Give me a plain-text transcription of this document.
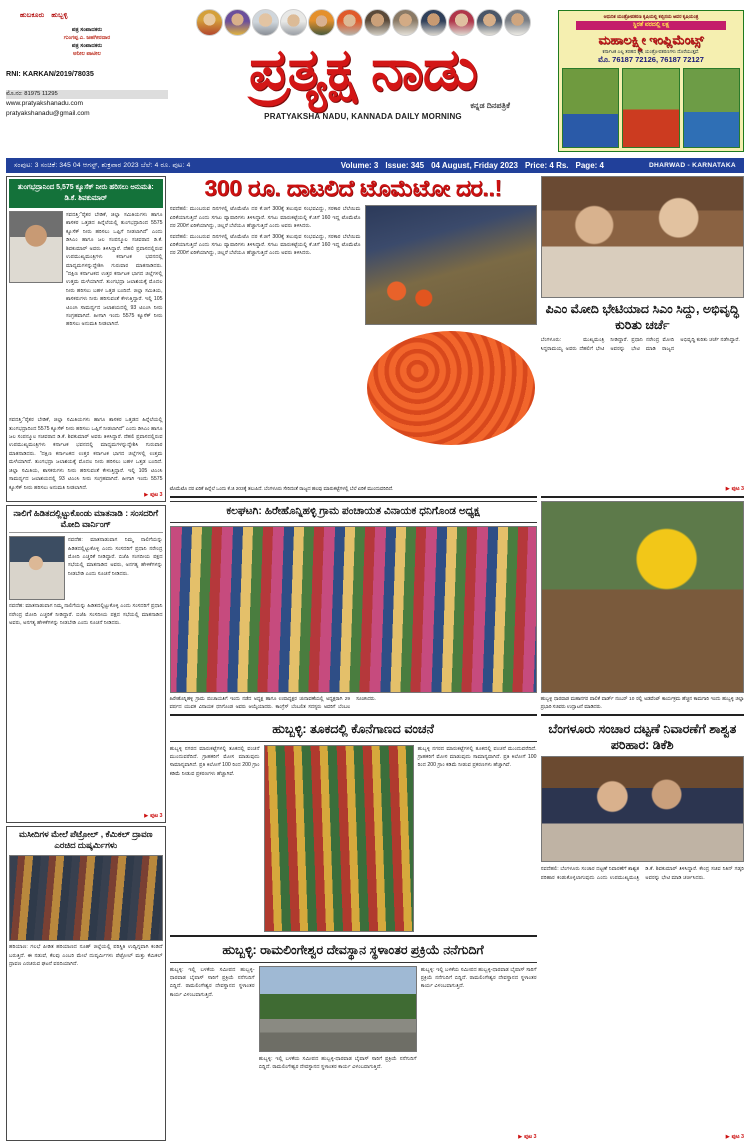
ಹುಬಕೂರು ಹುಬ್ಬಳ್ಳಿ
ಪತ್ರ ಸಂಪಾದಕರು
ಗುಂಗಪ್ಪ ಎ. ಜಹಗೀರದಾರ
ಪತ್ರ ಸಂಪಾದಕರು
ಅನೀಲ ಪಾಟೀಲ
RNI: KARKAN/2019/78035
ಮೊ.ನಂ: 81975 11295
www.pratyakshanadu.com
pratyakshanadu@gmail.com
ಪ್ರತ್ಯಕ್ಷ ನಾಡು
ಕನ್ನಡ ದಿನಪತ್ರಿಕೆ
PRATYAKSHA NADU, KANNADA DAILY MORNING
ಆಧುನಿಕ ಯಂತ್ರೋಪಕರಣ ಕೃಷಿಯಲ್ಲಿ ಕಬ್ಬಿನಯ ಅವರ ಕೃಷಿಯಂತ್ರ
ಸ್ಥಿರತೆ ವರದಲ್ಲಿ ಲಕ್ಷ
ಮಹಾಲಕ್ಷ್ಮೀ ಇಂಪ್ಲಿಮೆಂಟ್ಸ್
ಕರ್ನಾಟಕ ಎಲ್ಲ ತರಹದ ಕೃಷಿ ಯಂತ್ರೋಪಕರಣಗಳು ದೊರೆಯುತ್ತವೆ.
ಮೊ. 76187 72126, 76187 72127
ಸಂಪುಟ: 3 ಸಂಚಿಕೆ: 345 04 ಆಗಸ್ಟ್, ಶುಕ್ರವಾರ 2023 ಬೆಲೆ: 4 ರೂ. ಪುಟ: 4	Volume: 3 Issue: 345 04 August, Friday 2023 Price: 4 Rs. Page: 4	DHARWAD - KARNATAKA
ತುಂಗಭದ್ರಾನಿಂದ 5,575 ಕ್ಯೂಸೆಕ್ ನೀರು ಹರಿಸಲು ಅನುಮತಿ: ಡಿ.ಕೆ. ಶಿವಕುಮಾರ್
ಸವದತ್ತಿ:"ರೈತರ ಬೇಡಿಕೆ, ಜಿಲ್ಲಾ ಸಮಿತಿಯಗಳು ಹಾಗೂ ಶಾಸಕರ ಒತ್ತಡದ ಹಿನ್ನೆಲೆಯಲ್ಲಿ ತುಂಗಭದ್ರಾದಿಂದ 5575 ಕ್ಯೂಸೆಕ್ ನೀರು ಹರಿಸಲು ಒಪ್ಪಿಗೆ ನೀಡಲಾಗಿದೆ" ಎಂದು ಡಿಸಿಎಂ ಹಾಗೂ ಜಲ ಸಂಪನ್ಮೂಲ ಸಚಿವರಾದ ಡಿ.ಕೆ. ಶಿವಕುಮಾರ್ ಅವರು ತಿಳಿಸಿದ್ದಾರೆ. ದೆಹಲಿ ಪ್ರವಾಸದಲ್ಲಿರುವ ಉಪಮುಖ್ಯಮಂತ್ರಿಗಳು ಕರ್ನಾಟಕ ಭವನದಲ್ಲಿ ಮಾಧ್ಯಮಗಳನ್ನುದ್ದೇಶಿಸಿ ಗುರುವಾರ ಮಾತನಾಡಿದರು. "ದಕ್ಷಿಣ ಕರ್ನಾಟಕದ ಉತ್ತರ ಕರ್ನಾಟಕ ಭಾಗದ ಜಿಲ್ಲೆಗಳಲ್ಲಿ ಉತ್ತಮ ಮಳೆಯಾಗಿದೆ. ತುಂಗಭದ್ರಾ ಜಲಾಶಯಕ್ಕೆ ಮೊದಲ ನೀರು ಹರಿಸಲು ಬಹಳ ಒತ್ತಡ ಬಂದಿದೆ. ಜಿಲ್ಲಾ ಸಮಿತಿಯ, ಶಾಸಕರುಗಳು ನೀರು ಹರಿಸುವಂತೆ ಕೇಳುತ್ತಿದ್ದಾರೆ. ಇಲ್ಲಿ 105 ಟಿಎಂಸಿ ಸಾಮರ್ಥ್ಯದ ಜಲಾಶಯದಲ್ಲಿ 93 ಟಿಎಂಸಿ ನೀರು ಸಂಗ್ರಹವಾಗಿದೆ. ಹೀಗಾಗಿ ಇಂದು 5575 ಕ್ಯೂಸೆಕ್ ನೀರು ಹರಿಸಲು ಅನುಮತಿ ನೀಡಲಾಗಿದೆ.
ಸವದತ್ತಿ:"ರೈತರ ಬೇಡಿಕೆ, ಜಿಲ್ಲಾ ಸಮಿತಿಯಗಳು ಹಾಗೂ ಶಾಸಕರ ಒತ್ತಡದ ಹಿನ್ನೆಲೆಯಲ್ಲಿ ತುಂಗಭದ್ರಾದಿಂದ 5575 ಕ್ಯೂಸೆಕ್ ನೀರು ಹರಿಸಲು ಒಪ್ಪಿಗೆ ನೀಡಲಾಗಿದೆ" ಎಂದು ಡಿಸಿಎಂ ಹಾಗೂ ಜಲ ಸಂಪನ್ಮೂಲ ಸಚಿವರಾದ ಡಿ.ಕೆ. ಶಿವಕುಮಾರ್ ಅವರು ತಿಳಿಸಿದ್ದಾರೆ. ದೆಹಲಿ ಪ್ರವಾಸದಲ್ಲಿರುವ ಉಪಮುಖ್ಯಮಂತ್ರಿಗಳು ಕರ್ನಾಟಕ ಭವನದಲ್ಲಿ ಮಾಧ್ಯಮಗಳನ್ನುದ್ದೇಶಿಸಿ ಗುರುವಾರ ಮಾತನಾಡಿದರು. "ದಕ್ಷಿಣ ಕರ್ನಾಟಕದ ಉತ್ತರ ಕರ್ನಾಟಕ ಭಾಗದ ಜಿಲ್ಲೆಗಳಲ್ಲಿ ಉತ್ತಮ ಮಳೆಯಾಗಿದೆ. ತುಂಗಭದ್ರಾ ಜಲಾಶಯಕ್ಕೆ ಮೊದಲ ನೀರು ಹರಿಸಲು ಬಹಳ ಒತ್ತಡ ಬಂದಿದೆ. ಜಿಲ್ಲಾ ಸಮಿತಿಯ, ಶಾಸಕರುಗಳು ನೀರು ಹರಿಸುವಂತೆ ಕೇಳುತ್ತಿದ್ದಾರೆ. ಇಲ್ಲಿ 105 ಟಿಎಂಸಿ ಸಾಮರ್ಥ್ಯದ ಜಲಾಶಯದಲ್ಲಿ 93 ಟಿಎಂಸಿ ನೀರು ಸಂಗ್ರಹವಾಗಿದೆ. ಹೀಗಾಗಿ ಇಂದು 5575 ಕ್ಯೂಸೆಕ್ ನೀರು ಹರಿಸಲು ಅನುಮತಿ ನೀಡಲಾಗಿದೆ.
▶ ಪುಟ 3
ನಾಲಿಗೆ ಹಿಡಿತದಲ್ಲಿಟ್ಟುಕೊಂಡು ಮಾತನಾಡಿ : ಸಂಸದರಿಗೆ ಮೋದಿ ವಾರ್ನಿಂಗ್
ನವದೆಹ: ಮಾತನಾಡುವಾಗ ನಿಮ್ಮ ನಾಲಿಗೆಯನ್ನು ಹಿಡಿತದಲ್ಲಿಟ್ಟುಕೊಳ್ಳಿ ಎಂದು ಸಂಸದರಿಗೆ ಪ್ರಧಾನಿ ನರೇಂದ್ರ ಮೋದಿ ಎಚ್ಚರಿಕೆ ನೀಡಿದ್ದಾರೆ. ಬಿಜೆಪಿ ಸಂಸದೀಯ ಪಕ್ಷದ ಸಭೆಯಲ್ಲಿ ಮಾತನಾಡಿದ ಅವರು, ಅನಗತ್ಯ ಹೇಳಿಕೆಗಳನ್ನು ನೀಡಬೇಡಿ ಎಂದು ಸೂಚನೆ ನೀಡಿದರು.
ನವದೆಹ: ಮಾತನಾಡುವಾಗ ನಿಮ್ಮ ನಾಲಿಗೆಯನ್ನು ಹಿಡಿತದಲ್ಲಿಟ್ಟುಕೊಳ್ಳಿ ಎಂದು ಸಂಸದರಿಗೆ ಪ್ರಧಾನಿ ನರೇಂದ್ರ ಮೋದಿ ಎಚ್ಚರಿಕೆ ನೀಡಿದ್ದಾರೆ. ಬಿಜೆಪಿ ಸಂಸದೀಯ ಪಕ್ಷದ ಸಭೆಯಲ್ಲಿ ಮಾತನಾಡಿದ ಅವರು, ಅನಗತ್ಯ ಹೇಳಿಕೆಗಳನ್ನು ನೀಡಬೇಡಿ ಎಂದು ಸೂಚನೆ ನೀಡಿದರು.
▶ ಪುಟ 3
ಮಸೀದಿಗಳ ಮೇಲೆ ಪೆಟ್ರೋಲ್ , ಕೆಮಿಕಲ್ ದ್ರಾವಣ ಎರಚಿದ ದುಷ್ಕರ್ಮಿಗಳು
ಹರಿಯಾಣ: ಗಲಭೆ ಪೀಡಿತ ಹರಿಯಾಣದ ನೂಹ್ ಜಿಲ್ಲೆಯಲ್ಲಿ ಪರಿಸ್ಥಿತಿ ಉದ್ವಿಗ್ನವಾಗಿ ಕಂಡಿದೆ ಬರುತ್ತಿದೆ. ಈ ನಡುವೆ, ಕೆಲವು ಎಂಬರಿ ಮೇಲೆ ದುಷ್ಕರ್ಮಿಗಳು ಪೆಟ್ರೋಲ್ ಮತ್ತು ಕೆಮಿಕಲ್ ದ್ರಾವಣ ಎರಚಿರುವ ಘಟನೆ ವರದಿಯಾಗಿದೆ.
300 ರೂ. ದಾಟಲಿದೆ ಟೊಮೆಟೋ ದರ..!
ನವದೆಹಲಿ: ಮುಂಬರುವ ದಿನಗಳಲ್ಲಿ ಟೊಮೆಟೊ ದರ ಕೆ.ಜಿಗೆ 300ಕ್ಕೆ ತಲುಪುವ ಸಂಭವವಿದ್ದು, ಸರಕಾರ ಬೆಲೆಯಿಮ ಏರಿಕೆಯಾಗುತ್ತಿದೆ ಎಂದು ಸಗಟು ವ್ಯಾಪಾರಿಗಳು ತಿಳಿಸಿದ್ದಾರೆ. ಸಗಟು ಮಾರುಕಟ್ಟೆಯಲ್ಲಿ ಕೆ.ಜಿಗೆ 160 ಇದ್ದ ಟೊಮೆಟೊ ದರ 200ಗೆ ಏರಿಕೆಯಾಗಿದ್ದು, ಚಿಲ್ಲರೆ ಬೆಲೆಯೂ ಹೆಚ್ಚಾಗುತ್ತಿದೆ ಎಂದು ಅವರು ತಿಳಿಸಿದರು.
ನವದೆಹಲಿ: ಮುಂಬರುವ ದಿನಗಳಲ್ಲಿ ಟೊಮೆಟೊ ದರ ಕೆ.ಜಿಗೆ 300ಕ್ಕೆ ತಲುಪುವ ಸಂಭವವಿದ್ದು, ಸರಕಾರ ಬೆಲೆಯಿಮ ಏರಿಕೆಯಾಗುತ್ತಿದೆ ಎಂದು ಸಗಟು ವ್ಯಾಪಾರಿಗಳು ತಿಳಿಸಿದ್ದಾರೆ. ಸಗಟು ಮಾರುಕಟ್ಟೆಯಲ್ಲಿ ಕೆ.ಜಿಗೆ 160 ಇದ್ದ ಟೊಮೆಟೊ ದರ 200ಗೆ ಏರಿಕೆಯಾಗಿದ್ದು, ಚಿಲ್ಲರೆ ಬೆಲೆಯೂ ಹೆಚ್ಚಾಗುತ್ತಿದೆ ಎಂದು ಅವರು ತಿಳಿಸಿದರು.
ಟೊಮೆಟೊ ದರ ಏರಿಕೆ ಹಿನ್ನೆಲೆ ಒಂದು ಕೆ.ಜಿ 203ಕ್ಕೆ ತಲುಪಿದೆ. ಬೆಂಗಳೂರು ಸೇರಿದಂತೆ ರಾಜ್ಯದ ಹಲವು ಮಾರುಕಟ್ಟೆಗಳಲ್ಲಿ ಬೆಲೆ ಏರಿಕೆ ಮುಂದುವರಿದಿದೆ.
ಕಲಘಟಗಿ: ಹಿರೇಹೊನ್ನಿಹಳ್ಳಿ ಗ್ರಾಮ ಪಂಚಾಯತ ವಿನಾಯಕ ಧನಿಗೊಂಡ ಅಧ್ಯಕ್ಷ
ಹಿರೇಹೊನ್ನಿಹಳ್ಳಿ ಗ್ರಾಮ ಪಂಚಾಯತಿಗೆ ಇಂದು ನಡೆದ ಅಧ್ಯಕ್ಷ ಹಾಗೂ ಉಪಾಧ್ಯಕ್ಷರ ಚುನಾವಣೆಯಲ್ಲಿ ಅಧ್ಯಕ್ಷರಾಗಿ 29 ವರ್ಷದ ಯುವಕ ವಿನಾಯಕ ಧನಿಗೊಂಡ ಅವರು ಆಯ್ಕೆಯಾದರು. ಕಾಂಗ್ರೆಸ್ ಬೆಂಬಲಿತ ಸದಸ್ಯರು ಅವರಿಗೆ ಬೆಂಬಲ ಸೂಚಿಸಿದರು.
ಹುಬ್ಬಳ್ಳಿ: ತೂಕದಲ್ಲಿ ಕೊನೆಗಾಣದ ವಂಚನೆ
ಹುಬ್ಬಳ್ಳಿ ನಗರದ ಮಾರುಕಟ್ಟೆಗಳಲ್ಲಿ ತೂಕದಲ್ಲಿ ವಂಚನೆ ಮುಂದುವರೆದಿದೆ. ಗ್ರಾಹಕರಿಗೆ ಮೋಸ ಮಾಡುವುದು ಸಾಮಾನ್ಯವಾಗಿದೆ. ಪ್ರತಿ ಕಿಲೋಗೆ 100 ರಿಂದ 200 ಗ್ರಾಂ ಕಡಿಮೆ ನೀಡುವ ಪ್ರಕರಣಗಳು ಹೆಚ್ಚಾಗಿವೆ.
ಹುಬ್ಬಳ್ಳಿ ನಗರದ ಮಾರುಕಟ್ಟೆಗಳಲ್ಲಿ ತೂಕದಲ್ಲಿ ವಂಚನೆ ಮುಂದುವರೆದಿದೆ. ಗ್ರಾಹಕರಿಗೆ ಮೋಸ ಮಾಡುವುದು ಸಾಮಾನ್ಯವಾಗಿದೆ. ಪ್ರತಿ ಕಿಲೋಗೆ 100 ರಿಂದ 200 ಗ್ರಾಂ ಕಡಿಮೆ ನೀಡುವ ಪ್ರಕರಣಗಳು ಹೆಚ್ಚಾಗಿವೆ.
ಹುಬ್ಬಳ್ಳಿ: ರಾಮಲಿಂಗೇಶ್ವರ ದೇವಸ್ಥಾನ ಸ್ಥಳಾಂತರ ಪ್ರಕ್ರಿಯೆ ನನೆಗುದಿಗೆ
ಹುಬ್ಬಳ್ಳಿ: ಇಲ್ಲಿ ಬಳಕೆಯ ಸಮೀಪದ ಹುಬ್ಬಳ್ಳಿ-ಧಾರವಾಡ ಬೈಪಾಸ್ ಸಾರಿಗೆ ಪ್ರಕ್ರಿಯೆ ನನೆಗುದಿಗೆ ಬಿದ್ದಿದೆ. ರಾಮಲಿಂಗೇಶ್ವರ ದೇವಸ್ಥಾನದ ಸ್ಥಳಾಂತರ ಕಾರ್ಯ ವಿಳಂಬವಾಗುತ್ತಿದೆ.
ಹುಬ್ಬಳ್ಳಿ: ಇಲ್ಲಿ ಬಳಕೆಯ ಸಮೀಪದ ಹುಬ್ಬಳ್ಳಿ-ಧಾರವಾಡ ಬೈಪಾಸ್ ಸಾರಿಗೆ ಪ್ರಕ್ರಿಯೆ ನನೆಗುದಿಗೆ ಬಿದ್ದಿದೆ. ರಾಮಲಿಂಗೇಶ್ವರ ದೇವಸ್ಥಾನದ ಸ್ಥಳಾಂತರ ಕಾರ್ಯ ವಿಳಂಬವಾಗುತ್ತಿದೆ.
ಹುಬ್ಬಳ್ಳಿ: ಇಲ್ಲಿ ಬಳಕೆಯ ಸಮೀಪದ ಹುಬ್ಬಳ್ಳಿ-ಧಾರವಾಡ ಬೈಪಾಸ್ ಸಾರಿಗೆ ಪ್ರಕ್ರಿಯೆ ನನೆಗುದಿಗೆ ಬಿದ್ದಿದೆ. ರಾಮಲಿಂಗೇಶ್ವರ ದೇವಸ್ಥಾನದ ಸ್ಥಳಾಂತರ ಕಾರ್ಯ ವಿಳಂಬವಾಗುತ್ತಿದೆ.
▶ ಪುಟ 3
ಪಿಎಂ ಮೋದಿ ಭೇಟಿಯಾದ ಸಿಎಂ ಸಿದ್ದು, ಅಭಿವೃದ್ಧಿ ಕುರಿತು ಚರ್ಚೆ
ಬೆಂಗಳೂರು: ಮುಖ್ಯಮಂತ್ರಿ ಸಿದ್ದರಾಮಯ್ಯ ಅವರು ದೆಹಲಿಗೆ ಭೇಟಿ ನೀಡಿದ್ದಾರೆ. ಪ್ರಧಾನಿ ನರೇಂದ್ರ ಮೋದಿ ಅವರನ್ನು ಭೇಟಿ ಮಾಡಿ ರಾಜ್ಯದ ಅಭಿವೃದ್ಧಿ ಕುರಿತು ಚರ್ಚೆ ನಡೆಸಿದ್ದಾರೆ.
▶ ಪುಟ 3
ಹುಬ್ಬಳ್ಳಿ ಧಾರವಾಡ ಮಹಾನಗರ ಪಾಲಿಕೆ ವಾರ್ಡ್ ನಂಬರ್ 10 ರಲ್ಲಿ ಅಡವೆಂಟ್ ಕಾರ್ಯಕ್ರಮ ಹೆಚ್ಚಿನ ಕಾಮಗಾರಿ ಇಂದು ಹುಬ್ಬಳ್ಳಿ ಜಿಲ್ಲಾ ಪ್ರಭಾರಿ ಸಚಿವರು ಉದ್ಘಾಟನೆ ಮಾಡಿದರು.
ಬೆಂಗಳೂರು ಸಂಚಾರ ದಟ್ಟಣೆ ನಿವಾರಣೆಗೆ ಶಾಶ್ವತ ಪರಿಹಾರ: ಡಿಕೆಶಿ
ನವದೆಹಲಿ: ಬೆಂಗಳೂರು ಸಂಚಾರ ದಟ್ಟಣೆ ನಿವಾರಣೆಗೆ ಶಾಶ್ವತ ಪರಿಹಾರ ಕಂಡುಕೊಳ್ಳಲಾಗುವುದು ಎಂದು ಉಪಮುಖ್ಯಮಂತ್ರಿ ಡಿ.ಕೆ. ಶಿವಕುಮಾರ್ ತಿಳಿಸಿದ್ದಾರೆ. ಕೇಂದ್ರ ಸಚಿವ ನಿತಿನ್ ಗಡ್ಕರಿ ಅವರನ್ನು ಭೇಟಿ ಮಾಡಿ ಚರ್ಚಿಸಿದರು.
▶ ಪುಟ 3
